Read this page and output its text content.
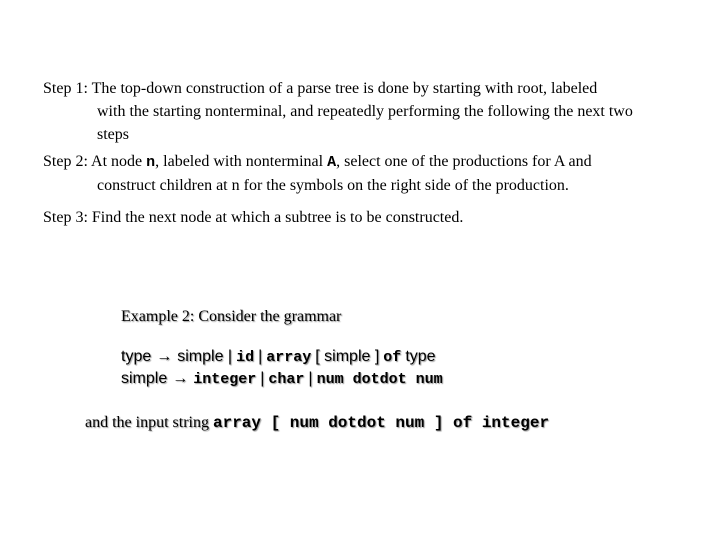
Step 1: The top-down construction of a parse tree is done by starting with root, labeled
with the starting nonterminal, and repeatedly performing the following the next two
steps
Step 2: At node n, labeled with nonterminal A, select one of the productions for A and
construct children at n for the symbols on the right side of the production.
Step 3: Find the next node at which a subtree is to be constructed.
Example 2: Consider the grammar
type → simple | id | array [ simple ] of type
simple → integer | char | num dotdot num
and the input string array [ num dotdot num ] of integer
